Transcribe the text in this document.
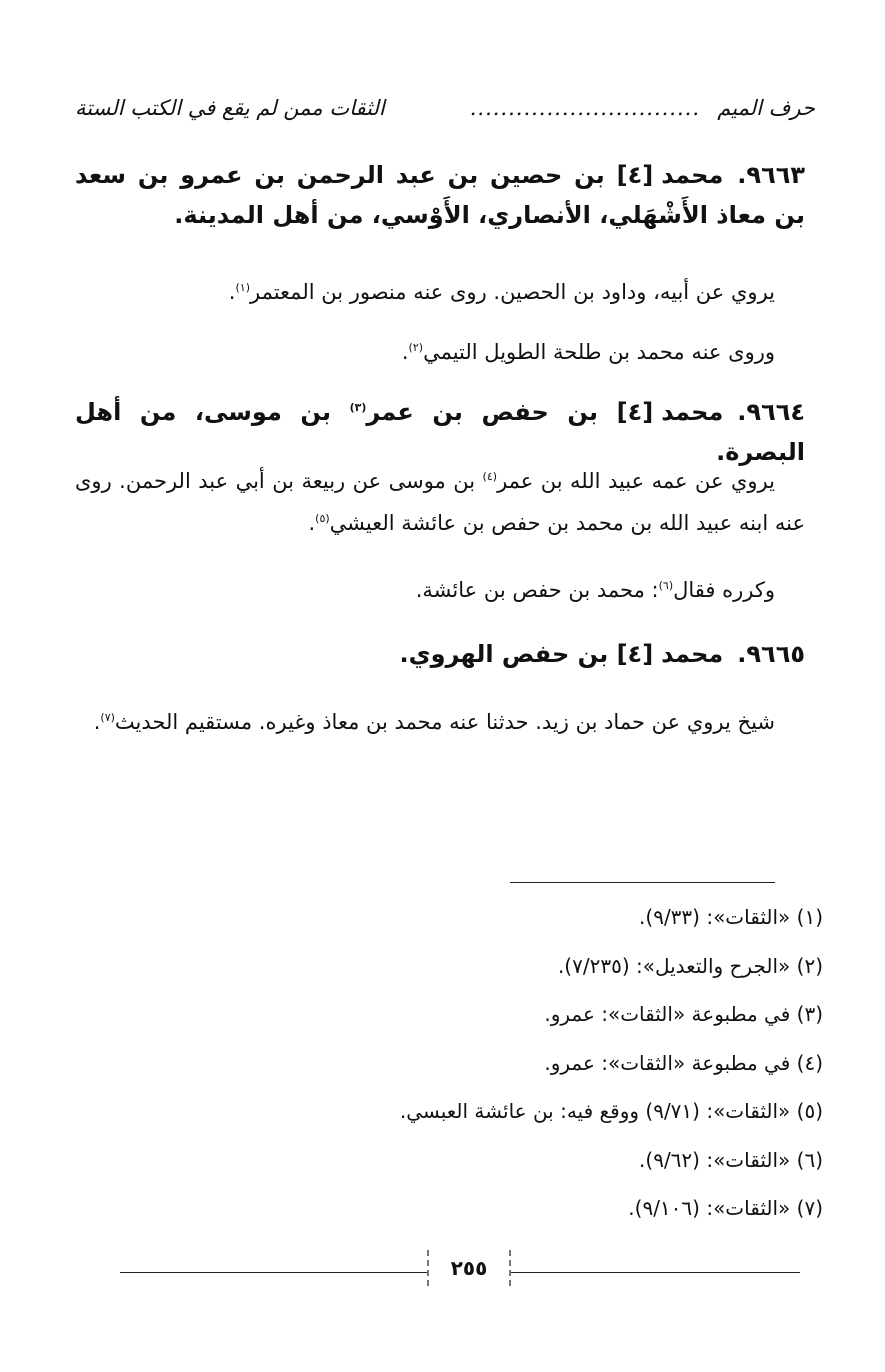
حرف الميم
..............................
الثقات ممن لم يقع في الكتب الستة
٩٦٦٣.محمد[٤] بن حصين بن عبد الرحمن بن عمرو بن سعد بن معاذ الأَشْهَلي، الأنصاري، الأَوْسي، من أهل المدينة.
يروي عن أبيه، وداود بن الحصين. روى عنه منصور بن المعتمر$^{(١)}$.
وروى عنه محمد بن طلحة الطويل التيمي$^{(٢)}$.
٩٦٦٤.محمد[٤] بن حفص بن عمر$^{(٣)}$ بن موسى، من أهل البصرة.
يروي عن عمه عبيد الله بن عمر$^{(٤)}$ بن موسى عن ربيعة بن أبي عبد الرحمن. روى عنه ابنه عبيد الله بن محمد بن حفص بن عائشة العيشي$^{(٥)}$.
وكرره فقال$^{(٦)}$: محمد بن حفص بن عائشة.
٩٦٦٥.محمد[٤] بن حفص الهروي.
شيخ يروي عن حماد بن زيد. حدثنا عنه محمد بن معاذ وغيره. مستقيم الحديث$^{(٧)}$.
(١) «الثقات»: (٩/٣٣).
(٢) «الجرح والتعديل»: (٧/٢٣٥).
(٣) في مطبوعة «الثقات»: عمرو.
(٤) في مطبوعة «الثقات»: عمرو.
(٥) «الثقات»: (٩/٧١) ووقع فيه: بن عائشة العبسي.
(٦) «الثقات»: (٩/٦٢).
(٧) «الثقات»: (٩/١٠٦).
٢٥٥
